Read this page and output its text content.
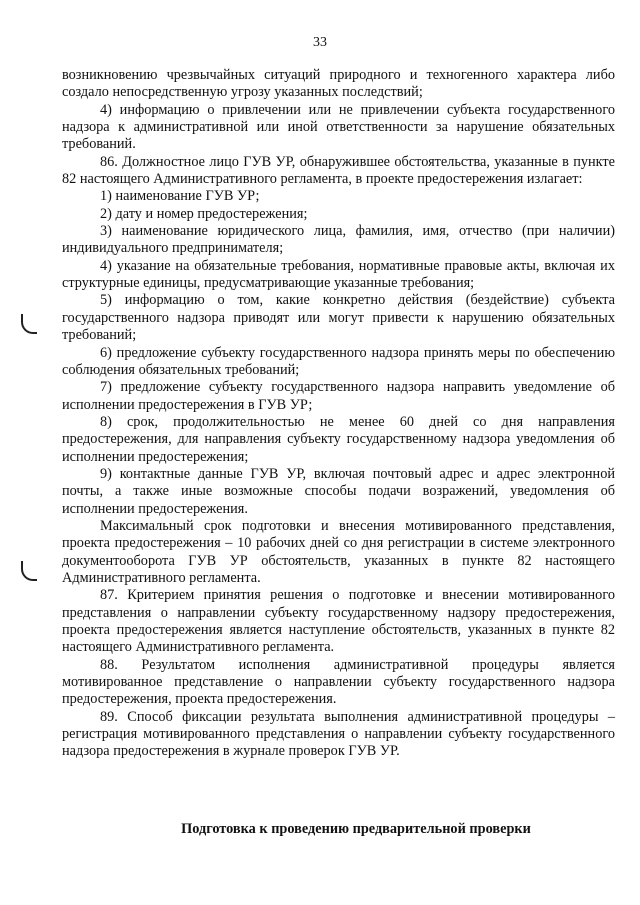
33

возникновению чрезвычайных ситуаций природного и техногенного характера либо создало непосредственную угрозу указанных последствий;

4) информацию о привлечении или не привлечении субъекта государственного надзора к административной или иной ответственности за нарушение обязательных требований.

86. Должностное лицо ГУВ УР, обнаружившее обстоятельства, указанные в пункте 82 настоящего Административного регламента, в проекте предостережения излагает:

1) наименование ГУВ УР;

2) дату и номер предостережения;

3) наименование юридического лица, фамилия, имя, отчество (при наличии) индивидуального предпринимателя;

4) указание на обязательные требования, нормативные правовые акты, включая их структурные единицы, предусматривающие указанные требования;

5) информацию о том, какие конкретно действия (бездействие) субъекта государственного надзора приводят или могут привести к нарушению обязательных требований;

6) предложение субъекту государственного надзора принять меры по обеспечению соблюдения обязательных требований;

7) предложение субъекту государственного надзора направить уведомление об исполнении предостережения в ГУВ УР;

8) срок, продолжительностью не менее 60 дней со дня направления предостережения, для направления субъекту государственному надзора уведомления об исполнении предостережения;

9) контактные данные ГУВ УР, включая почтовый адрес и адрес электронной почты, а также иные возможные способы подачи возражений, уведомления об исполнении предостережения.

Максимальный срок подготовки и внесения мотивированного представления, проекта предостережения – 10 рабочих дней со дня регистрации в системе электронного документооборота ГУВ УР обстоятельств, указанных в пункте 82 настоящего Административного регламента.

87. Критерием принятия решения о подготовке и внесении мотивированного представления о направлении субъекту государственному надзору предостережения, проекта предостережения является наступление обстоятельств, указанных в пункте 82 настоящего Административного регламента.

88. Результатом исполнения административной процедуры является мотивированное представление о направлении субъекту государственного надзора предостережения, проекта предостережения.

89. Способ фиксации результата выполнения административной процедуры – регистрация мотивированного представления о направлении субъекту государственного надзора предостережения в журнале проверок ГУВ УР.

Подготовка к проведению предварительной проверки
